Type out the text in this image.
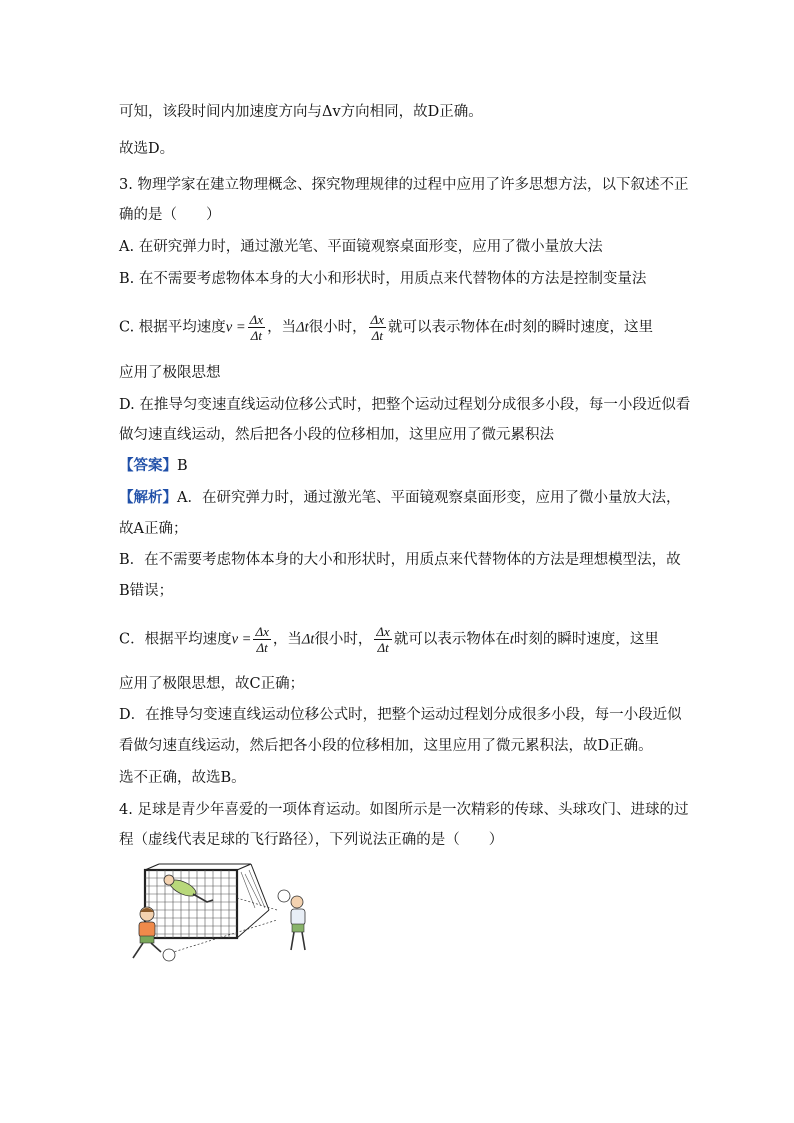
可知，该段时间内加速度方向与Δv方向相同，故D正确。
故选D。
3. 物理学家在建立物理概念、探究物理规律的过程中应用了许多思想方法，以下叙述不正
确的是（　　）
A. 在研究弹力时，通过激光笔、平面镜观察桌面形变，应用了微小量放大法
B. 在不需要考虑物体本身的大小和形状时，用质点来代替物体的方法是控制变量法
C. 根据平均速度$v = \frac{\Delta x}{\Delta t}$ ，当Δt很小时， $\frac{\Delta x}{\Delta t}$ 就可以表示物体在t时刻的瞬时速度，这里
应用了极限思想
D. 在推导匀变速直线运动位移公式时，把整个运动过程划分成很多小段，每一小段近似看
做匀速直线运动，然后把各小段的位移相加，这里应用了微元累积法
【答案】B
【解析】A．在研究弹力时，通过激光笔、平面镜观察桌面形变，应用了微小量放大法，
故A正确；
B．在不需要考虑物体本身的大小和形状时，用质点来代替物体的方法是理想模型法，故
B错误；
C．根据平均速度$v = \frac{\Delta x}{\Delta t}$ ，当Δt很小时， $\frac{\Delta x}{\Delta t}$ 就可以表示物体在t时刻的瞬时速度，这里
应用了极限思想，故C正确；
D．在推导匀变速直线运动位移公式时，把整个运动过程划分成很多小段，每一小段近似
看做匀速直线运动，然后把各小段的位移相加，这里应用了微元累积法，故D正确。
选不正确，故选B。
4. 足球是青少年喜爱的一项体育运动。如图所示是一次精彩的传球、头球攻门、进球的过
程（虚线代表足球的飞行路径），下列说法正确的是（　　）
